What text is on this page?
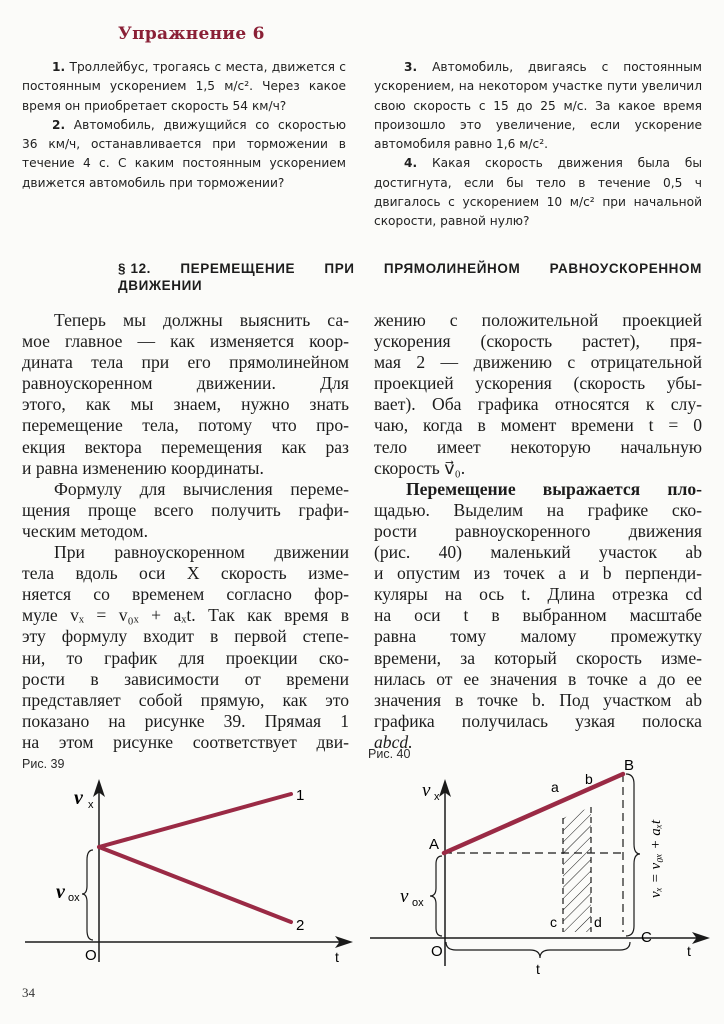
Упражнение 6

1. Троллейбус, трогаясь с места, движется с постоянным ускорением 1,5 м/с². Через какое время он приобретает скорость 54 км/ч?

2. Автомобиль, движущийся со скоростью 36 км/ч, останавливается при торможении в течение 4 с. С каким постоянным ускорением движется автомобиль при торможении?

3. Автомобиль, двигаясь с постоянным ускорением, на некотором участке пути увеличил свою скорость с 15 до 25 м/с. За какое время произошло это увеличение, если ускорение автомобиля равно 1,6 м/с².

4. Какая скорость движения была бы достигнута, если бы тело в течение 0,5 ч двигалось с ускорением 10 м/с² при начальной скорости, равной нулю?

§ 12. ПЕРЕМЕЩЕНИЕ ПРИ ПРЯМОЛИНЕЙНОМ РАВНОУСКОРЕННОМ
ДВИЖЕНИИ
Теперь мы должны выяснить са-
мое главное — как изменяется коор-
дината тела при его прямолинейном
равноускоренном движении. Для
этого, как мы знаем, нужно знать
перемещение тела, потому что про-
екция вектора перемещения как раз
и равна изменению координаты.
Формулу для вычисления переме-
щения проще всего получить графи-
ческим методом.
При равноускоренном движении
тела вдоль оси X скорость изме-
няется со временем согласно фор-
муле vₓ = v₀ₓ + aₓt. Так как время в
эту формулу входит в первой степе-
ни, то график для проекции ско-
рости в зависимости от времени
представляет собой прямую, как это
показано на рисунке 39. Прямая 1
на этом рисунке соответствует дви-
жению с положительной проекцией
ускорения (скорость растет), пря-
мая 2 — движению с отрицательной
проекцией ускорения (скорость убы-
вает). Оба графика относятся к слу-
чаю, когда в момент времени t = 0
тело имеет некоторую начальную
скорость v⃗₀.
Перемещение выражается пло-
щадью. Выделим на графике ско-
рости равноускоренного движения
(рис. 40) маленький участок ab
и опустим из точек a и b перпенди-
куляры на ось t. Длина отрезка cd
на оси t в выбранном масштабе
равна тому малому промежутку
времени, за который скорость изме-
нилась от ее значения в точке a до ее
значения в точке b. Под участком ab
графика получилась узкая полоска
abcd.
Рис. 39
v x
1
2
v ox
O	t
Рис. 40
v x
A
B
C
a b
c	d
v ox
O
t
t
vₓ = v₀ₓ + aₓt
34
